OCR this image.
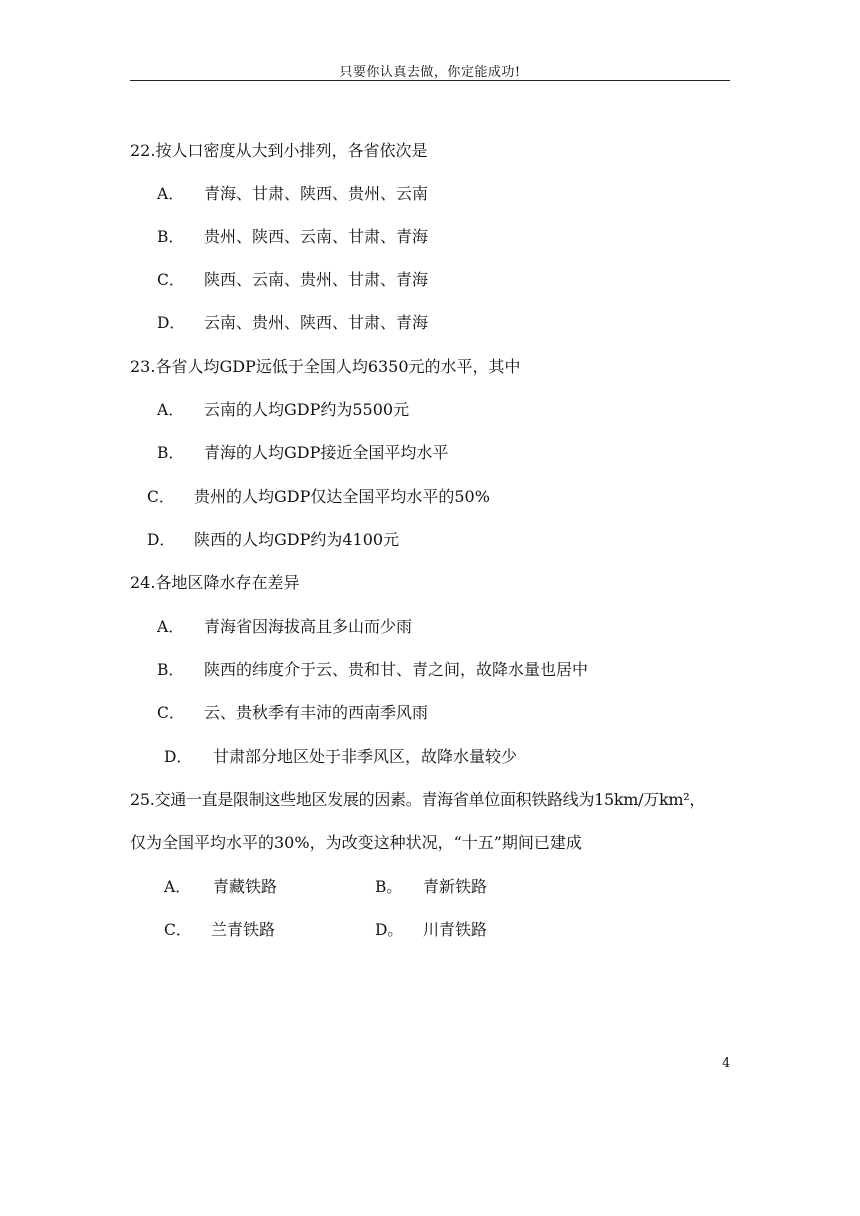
只要你认真去做，你定能成功!
22.按人口密度从大到小排列，各省依次是
A． 青海、甘肃、陕西、贵州、云南
B． 贵州、陕西、云南、甘肃、青海
C． 陕西、云南、贵州、甘肃、青海
D． 云南、贵州、陕西、甘肃、青海
23.各省人均GDP远低于全国人均6350元的水平，其中
A． 云南的人均GDP约为5500元
B． 青海的人均GDP接近全国平均水平
C． 贵州的人均GDP仅达全国平均水平的50%
D． 陕西的人均GDP约为4100元
24.各地区降水存在差异
A． 青海省因海拔高且多山而少雨
B． 陕西的纬度介于云、贵和甘、青之间，故降水量也居中
C． 云、贵秋季有丰沛的西南季风雨
D． 甘肃部分地区处于非季风区，故降水量较少
25.交通一直是限制这些地区发展的因素。青海省单位面积铁路线为15km/万km²，
仅为全国平均水平的30%，为改变这种状况，“十五”期间已建成
A． 青藏铁路	B。 青新铁路
C． 兰青铁路	D。 川青铁路
4
